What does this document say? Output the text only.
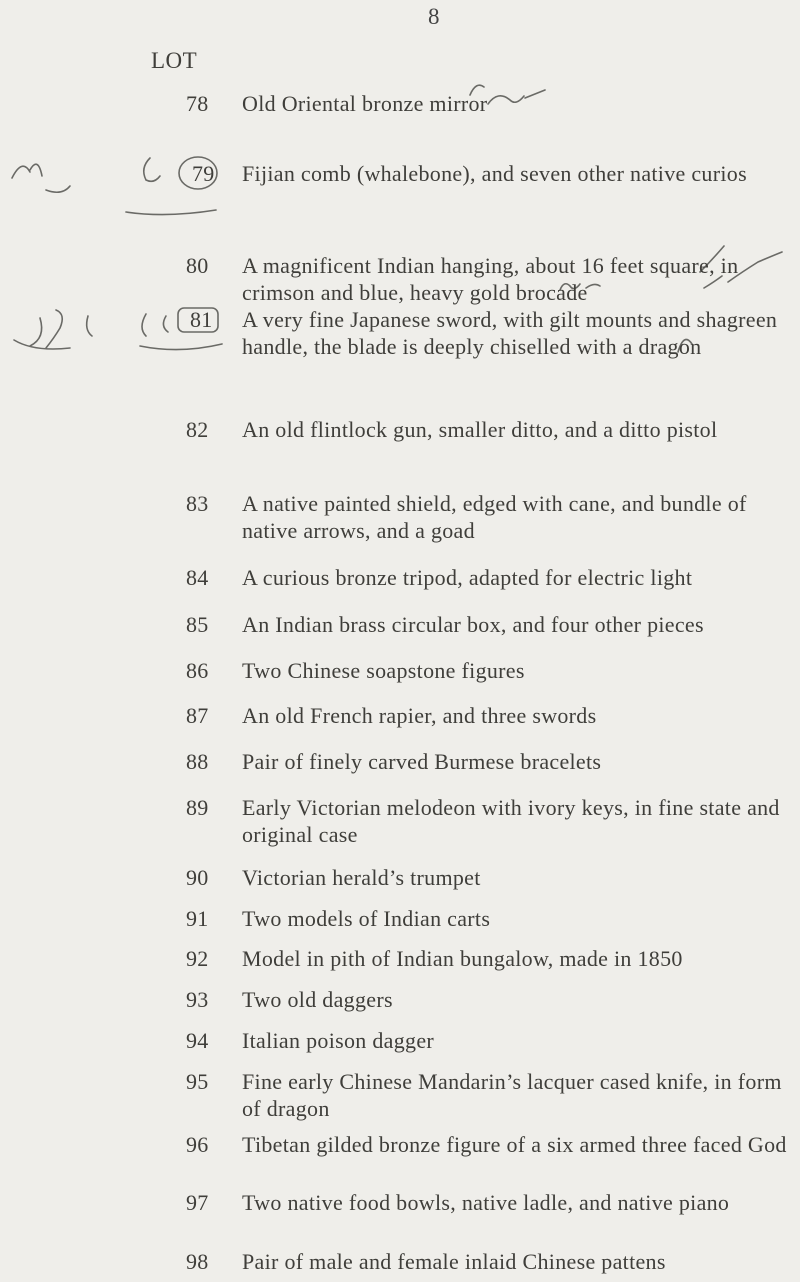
8
LOT
78	Old Oriental bronze mirror
79	Fijian comb (whalebone), and seven other native curios
80	A magnificent Indian hanging, about 16 feet square, in crimson and blue, heavy gold brocade
81	A very fine Japanese sword, with gilt mounts and shagreen handle, the blade is deeply chiselled with a dragon
82	An old flintlock gun, smaller ditto, and a ditto pistol
83	A native painted shield, edged with cane, and bundle of native arrows, and a goad
84	A curious bronze tripod, adapted for electric light
85	An Indian brass circular box, and four other pieces
86	Two Chinese soapstone figures
87	An old French rapier, and three swords
88	Pair of finely carved Burmese bracelets
89	Early Victorian melodeon with ivory keys, in fine state and original case
90	Victorian herald’s trumpet
91	Two models of Indian carts
92	Model in pith of Indian bungalow, made in 1850
93	Two old daggers
94	Italian poison dagger
95	Fine early Chinese Mandarin’s lacquer cased knife, in form of dragon
96	Tibetan gilded bronze figure of a six armed three faced God
97	Two native food bowls, native ladle, and native piano
98	Pair of male and female inlaid Chinese pattens
